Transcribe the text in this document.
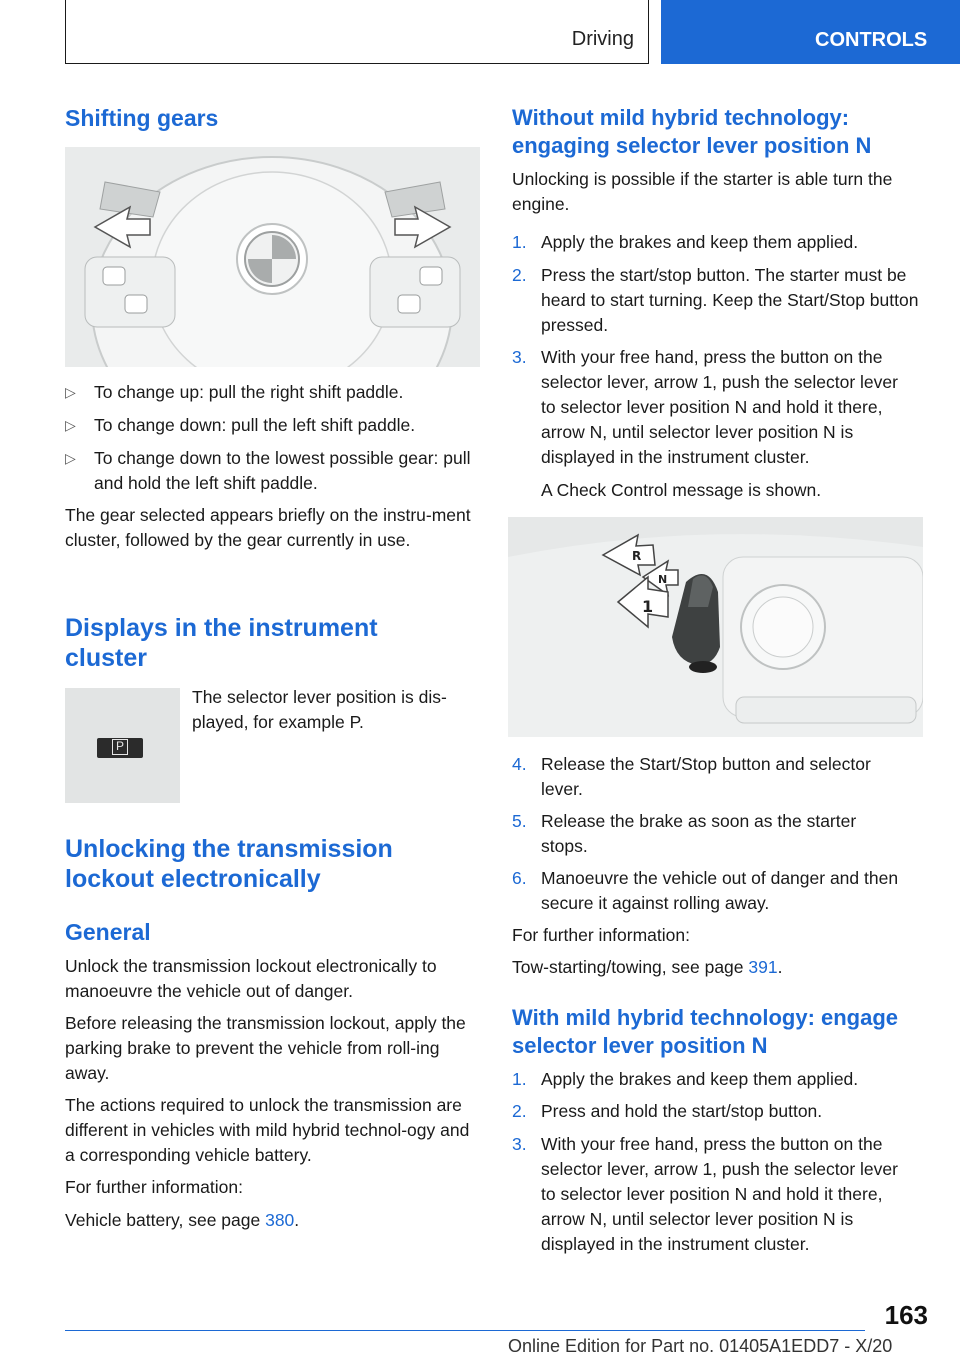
Driving	CONTROLS
Shifting gears
▷ To change up: pull the right shift paddle.
▷ To change down: pull the left shift paddle.
▷ To change down to the lowest possible gear: pull and hold the left shift paddle.

The gear selected appears briefly on the instru-ment cluster, followed by the gear currently in use.

Displays in the instrument cluster
P

The selector lever position is dis-played, for example P.

Unlocking the transmission lockout electronically
General

Unlock the transmission lockout electronically to manoeuvre the vehicle out of danger.

Before releasing the transmission lockout, apply the parking brake to prevent the vehicle from roll-ing away.

The actions required to unlock the transmission are different in vehicles with mild hybrid technol-ogy and a corresponding vehicle battery.

For further information:

Vehicle battery, see page 380.

Without mild hybrid technology: engaging selector lever position N

Unlocking is possible if the starter is able turn the engine.

1. Apply the brakes and keep them applied.
2. Press the start/stop button. The starter must be heard to start turning. Keep the Start/Stop button pressed.
3. With your free hand, press the button on the selector lever, arrow 1, push the selector lever to selector lever position N and hold it there, arrow N, until selector lever position N is displayed in the instrument cluster.

A Check Control message is shown.

R
N
1
4. Release the Start/Stop button and selector lever.
5. Release the brake as soon as the starter stops.
6. Manoeuvre the vehicle out of danger and then secure it against rolling away.

For further information:

Tow-starting/towing, see page 391.

With mild hybrid technology: engage selector lever position N
1. Apply the brakes and keep them applied.
2. Press and hold the start/stop button.
3. With your free hand, press the button on the selector lever, arrow 1, push the selector lever to selector lever position N and hold it there, arrow N, until selector lever position N is displayed in the instrument cluster.
163
Online Edition for Part no. 01405A1EDD7 - X/20
